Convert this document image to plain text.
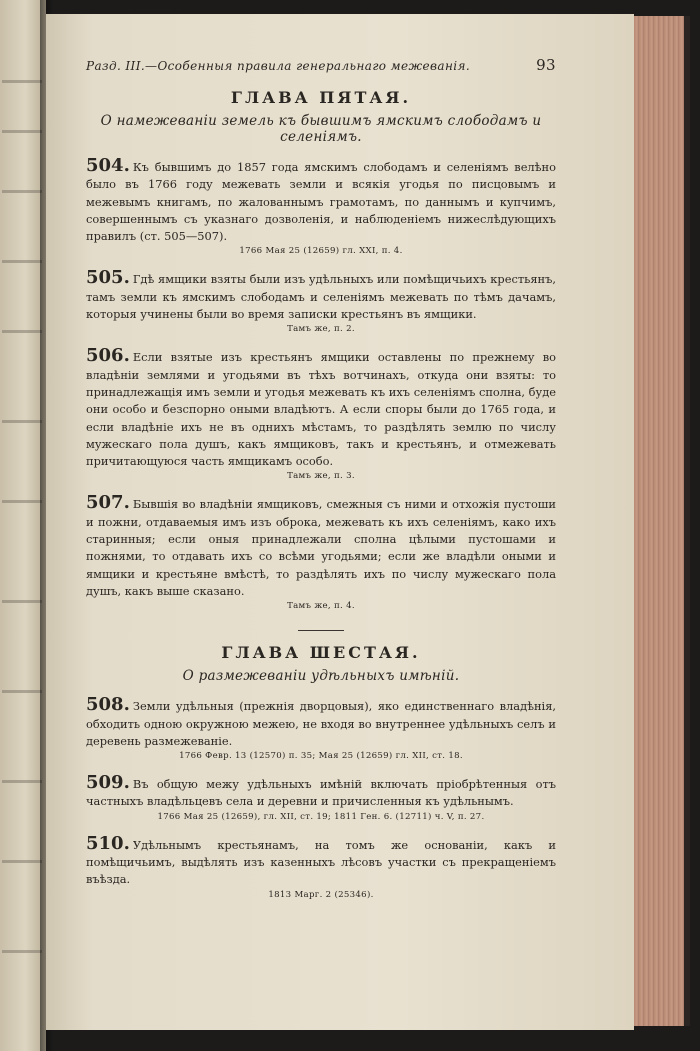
Разд. III.—Особенныя правила генеральнаго межеванія.	93
ГЛАВА ПЯТАЯ.
О намежеваніи земель къ бывшимъ ямскимъ слободамъ и селеніямъ.
504. Къ бывшимъ до 1857 года ямскимъ слободамъ и селеніямъ велѣно было въ 1766 году межевать земли и всякія угодья по писцовымъ и межевымъ книгамъ, по жалованнымъ грамотамъ, по даннымъ и купчимъ, совершеннымъ съ указнаго дозволенія, и наблюденіемъ нижеслѣдующихъ правилъ (ст. 505—507).
1766 Мая 25 (12659) гл. XXI, п. 4.
505. Гдѣ ямщики взяты были изъ удѣльныхъ или помѣщичьихъ крестьянъ, тамъ земли къ ямскимъ слободамъ и селеніямъ межевать по тѣмъ дачамъ, которыя учинены были во время записки крестьянъ въ ямщики.
Тамъ же, п. 2.
506. Если взятые изъ крестьянъ ямщики оставлены по прежнему во владѣніи землями и угодьями въ тѣхъ вотчинахъ, откуда они взяты: то принадлежащія имъ земли и угодья межевать къ ихъ селеніямъ сполна, буде они особо и безспорно оными владѣютъ. А если споры были до 1765 года, и если владѣніе ихъ не въ однихъ мѣстамъ, то раздѣлять землю по числу мужескаго пола душъ, какъ ямщиковъ, такъ и крестьянъ, и отмежевать причитающуюся часть ямщикамъ особо.
Тамъ же, п. 3.
507. Бывшія во владѣніи ямщиковъ, смежныя съ ними и отхожія пустоши и пожни, отдаваемыя имъ изъ оброка, межевать къ ихъ селеніямъ, како ихъ старинныя; если оныя принадлежали сполна цѣлыми пустошами и пожнями, то отдавать ихъ со всѣми угодьями; если же владѣли оными и ямщики и крестьяне вмѣстѣ, то раздѣлять ихъ по числу мужескаго пола душъ, какъ выше сказано.
Тамъ же, п. 4.
ГЛАВА ШЕСТАЯ.
О размежеваніи удѣльныхъ имѣній.
508. Земли удѣльныя (прежнія дворцовыя), яко единственнаго владѣнія, обходить одною окружною межею, не входя во внутреннее удѣльныхъ селъ и деревень размежеваніе.
1766 Февр. 13 (12570) п. 35; Мая 25 (12659) гл. XII, ст. 18.
509. Въ общую межу удѣльныхъ имѣній включать пріобрѣтенныя отъ частныхъ владѣльцевъ села и деревни и причисленныя къ удѣльнымъ.
1766 Мая 25 (12659), гл. XII, ст. 19; 1811 Ген. 6. (12711) ч. V, п. 27.
510. Удѣльнымъ крестьянамъ, на томъ же основаніи, какъ и помѣщичьимъ, выдѣлять изъ казенныхъ лѣсовъ участки съ прекращеніемъ въѣзда.
1813 Марг. 2 (25346).
